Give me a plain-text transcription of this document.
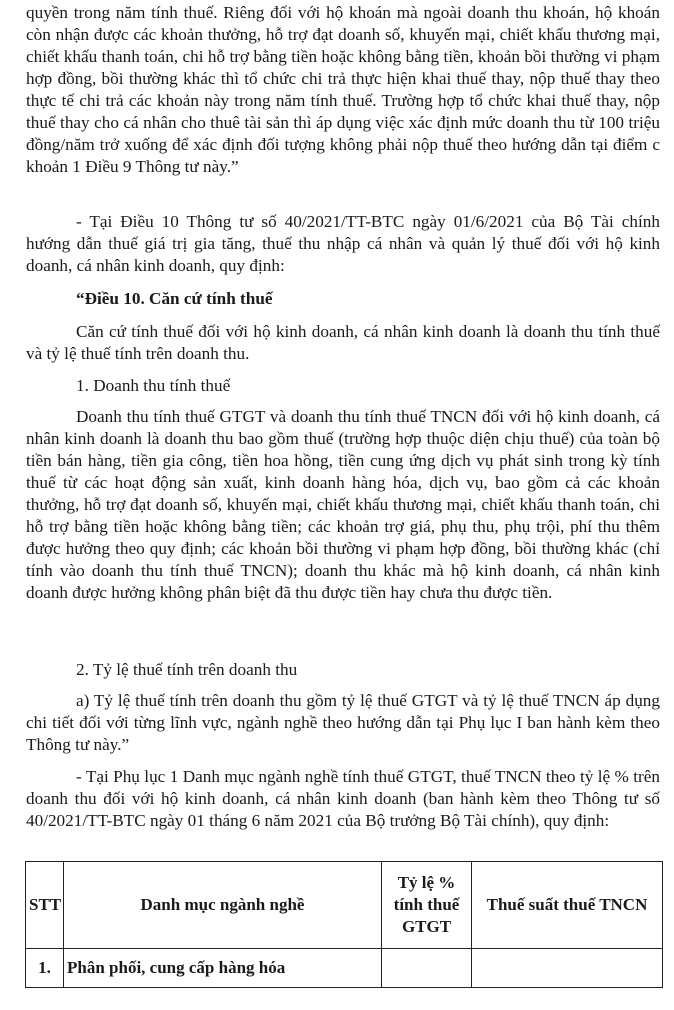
quyền trong năm tính thuế. Riêng đối với hộ khoán mà ngoài doanh thu khoán, hộ khoán còn nhận được các khoản thưởng, hỗ trợ đạt doanh số, khuyến mại, chiết khấu thương mại, chiết khấu thanh toán, chi hỗ trợ bằng tiền hoặc không bằng tiền, khoản bồi thường vi phạm hợp đồng, bồi thường khác thì tổ chức chi trả thực hiện khai thuế thay, nộp thuế thay theo thực tế chi trả các khoản này trong năm tính thuế. Trường hợp tổ chức khai thuế thay, nộp thuế thay cho cá nhân cho thuê tài sản thì áp dụng việc xác định mức doanh thu từ 100 triệu đồng/năm trở xuống để xác định đối tượng không phải nộp thuế theo hướng dẫn tại điểm c khoản 1 Điều 9 Thông tư này.”

- Tại Điều 10 Thông tư số 40/2021/TT-BTC ngày 01/6/2021 của Bộ Tài chính hướng dẫn thuế giá trị gia tăng, thuế thu nhập cá nhân và quản lý thuế đối với hộ kinh doanh, cá nhân kinh doanh, quy định:

“Điều 10. Căn cứ tính thuế

Căn cứ tính thuế đối với hộ kinh doanh, cá nhân kinh doanh là doanh thu tính thuế và tỷ lệ thuế tính trên doanh thu.

1. Doanh thu tính thuế

Doanh thu tính thuế GTGT và doanh thu tính thuế TNCN đối với hộ kinh doanh, cá nhân kinh doanh là doanh thu bao gồm thuế (trường hợp thuộc diện chịu thuế) của toàn bộ tiền bán hàng, tiền gia công, tiền hoa hồng, tiền cung ứng dịch vụ phát sinh trong kỳ tính thuế từ các hoạt động sản xuất, kinh doanh hàng hóa, dịch vụ, bao gồm cả các khoản thưởng, hỗ trợ đạt doanh số, khuyến mại, chiết khấu thương mại, chiết khấu thanh toán, chi hỗ trợ bằng tiền hoặc không bằng tiền; các khoản trợ giá, phụ thu, phụ trội, phí thu thêm được hưởng theo quy định; các khoản bồi thường vi phạm hợp đồng, bồi thường khác (chỉ tính vào doanh thu tính thuế TNCN); doanh thu khác mà hộ kinh doanh, cá nhân kinh doanh được hưởng không phân biệt đã thu được tiền hay chưa thu được tiền.

2. Tỷ lệ thuế tính trên doanh thu

a) Tỷ lệ thuế tính trên doanh thu gồm tỷ lệ thuế GTGT và tỷ lệ thuế TNCN áp dụng chi tiết đối với từng lĩnh vực, ngành nghề theo hướng dẫn tại Phụ lục I ban hành kèm theo Thông tư này.”

- Tại Phụ lục 1 Danh mục ngành nghề tính thuế GTGT, thuế TNCN theo tỷ lệ % trên doanh thu đối với hộ kinh doanh, cá nhân kinh doanh (ban hành kèm theo Thông tư số 40/2021/TT-BTC ngày 01 tháng 6 năm 2021 của Bộ trưởng Bộ Tài chính), quy định:

STT	Danh mục ngành nghề	Tỷ lệ % tính thuế GTGT	Thuế suất thuế TNCN
1.	Phân phối, cung cấp hàng hóa		
